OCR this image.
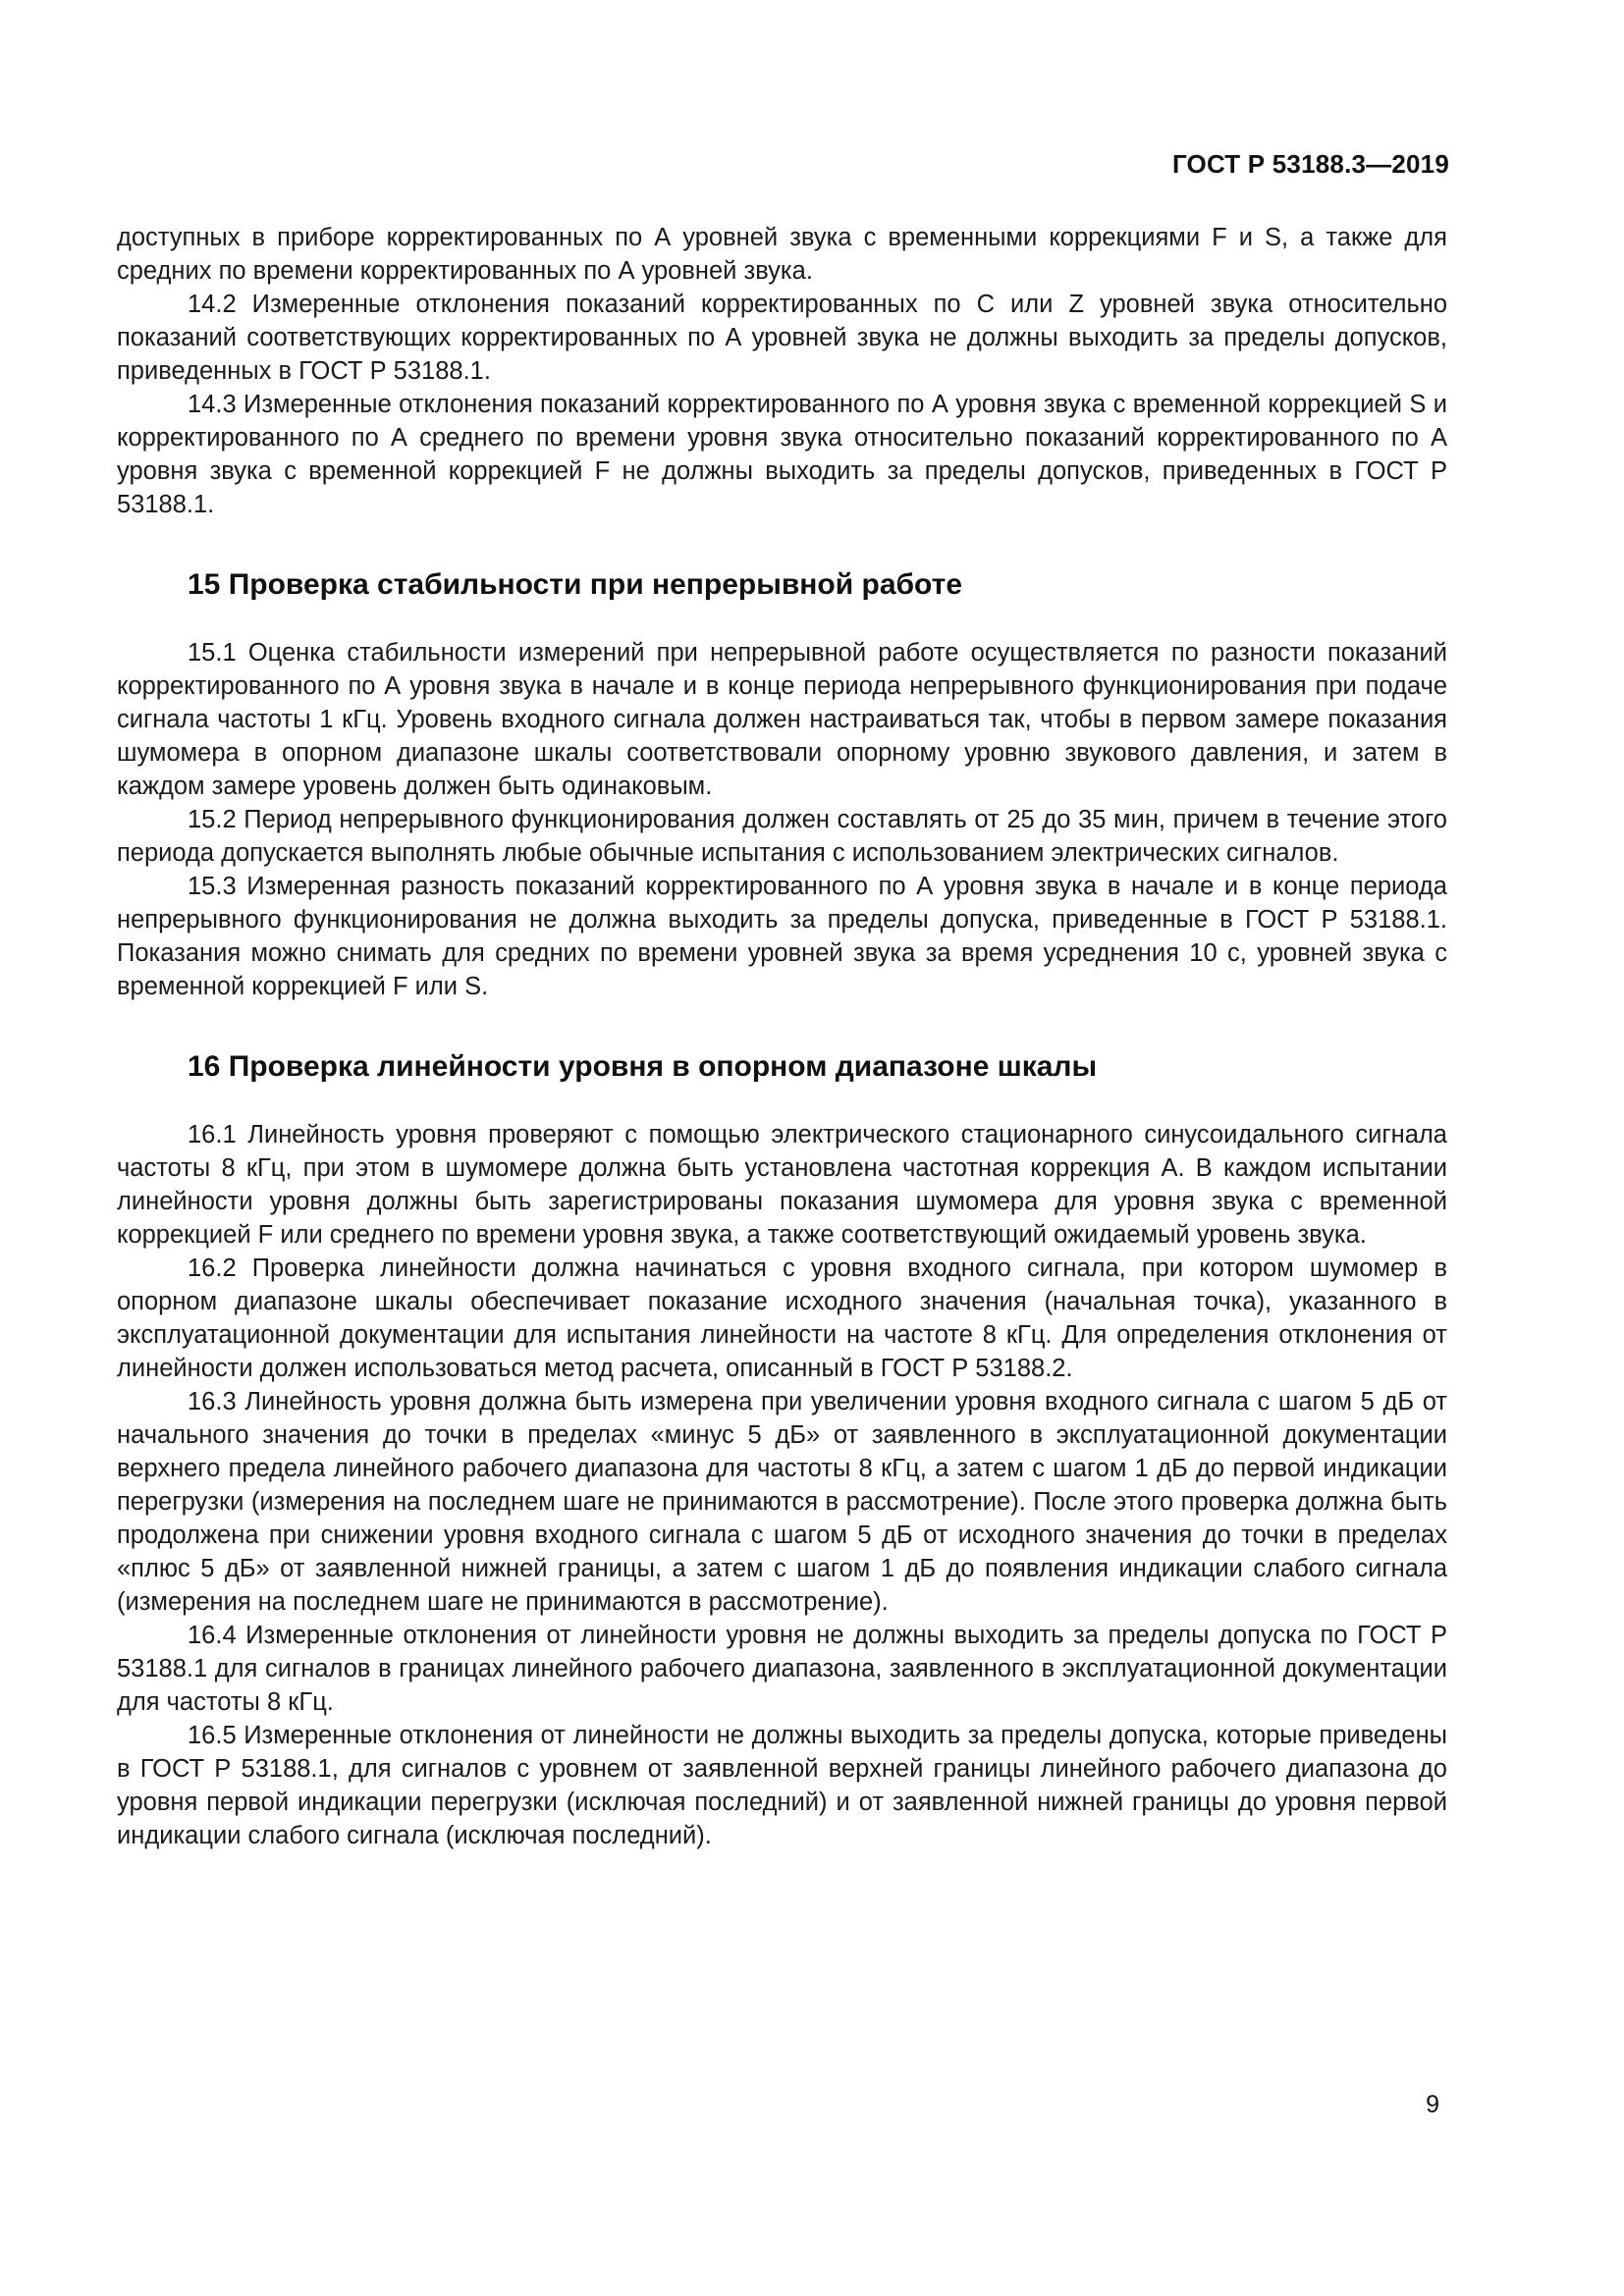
ГОСТ Р 53188.3—2019

доступных в приборе корректированных по А уровней звука с временными коррекциями F и S, а также для средних по времени корректированных по А уровней звука.

14.2 Измеренные отклонения показаний корректированных по С или Z уровней звука относительно показаний соответствующих корректированных по А уровней звука не должны выходить за пределы допусков, приведенных в ГОСТ Р 53188.1.

14.3 Измеренные отклонения показаний корректированного по А уровня звука с временной коррекцией S и корректированного по А среднего по времени уровня звука относительно показаний корректированного по А уровня звука с временной коррекцией F не должны выходить за пределы допусков, приведенных в ГОСТ Р 53188.1.

15 Проверка стабильности при непрерывной работе

15.1 Оценка стабильности измерений при непрерывной работе осуществляется по разности показаний корректированного по А уровня звука в начале и в конце периода непрерывного функционирования при подаче сигнала частоты 1 кГц. Уровень входного сигнала должен настраиваться так, чтобы в первом замере показания шумомера в опорном диапазоне шкалы соответствовали опорному уровню звукового давления, и затем в каждом замере уровень должен быть одинаковым.

15.2 Период непрерывного функционирования должен составлять от 25 до 35 мин, причем в течение этого периода допускается выполнять любые обычные испытания с использованием электрических сигналов.

15.3 Измеренная разность показаний корректированного по А уровня звука в начале и в конце периода непрерывного функционирования не должна выходить за пределы допуска, приведенные в ГОСТ Р 53188.1. Показания можно снимать для средних по времени уровней звука за время усреднения 10 с, уровней звука с временной коррекцией F или S.

16 Проверка линейности уровня в опорном диапазоне шкалы

16.1 Линейность уровня проверяют с помощью электрического стационарного синусоидального сигнала частоты 8 кГц, при этом в шумомере должна быть установлена частотная коррекция А. В каждом испытании линейности уровня должны быть зарегистрированы показания шумомера для уровня звука с временной коррекцией F или среднего по времени уровня звука, а также соответствующий ожидаемый уровень звука.

16.2 Проверка линейности должна начинаться с уровня входного сигнала, при котором шумомер в опорном диапазоне шкалы обеспечивает показание исходного значения (начальная точка), указанного в эксплуатационной документации для испытания линейности на частоте 8 кГц. Для определения отклонения от линейности должен использоваться метод расчета, описанный в ГОСТ Р 53188.2.

16.3 Линейность уровня должна быть измерена при увеличении уровня входного сигнала с шагом 5 дБ от начального значения до точки в пределах «минус 5 дБ» от заявленного в эксплуатационной документации верхнего предела линейного рабочего диапазона для частоты 8 кГц, а затем с шагом 1 дБ до первой индикации перегрузки (измерения на последнем шаге не принимаются в рассмотрение). После этого проверка должна быть продолжена при снижении уровня входного сигнала с шагом 5 дБ от исходного значения до точки в пределах «плюс 5 дБ» от заявленной нижней границы, а затем с шагом 1 дБ до появления индикации слабого сигнала (измерения на последнем шаге не принимаются в рассмотрение).

16.4 Измеренные отклонения от линейности уровня не должны выходить за пределы допуска по ГОСТ Р 53188.1 для сигналов в границах линейного рабочего диапазона, заявленного в эксплуатационной документации для частоты 8 кГц.

16.5 Измеренные отклонения от линейности не должны выходить за пределы допуска, которые приведены в ГОСТ Р 53188.1, для сигналов с уровнем от заявленной верхней границы линейного рабочего диапазона до уровня первой индикации перегрузки (исключая последний) и от заявленной нижней границы до уровня первой индикации слабого сигнала (исключая последний).

9
